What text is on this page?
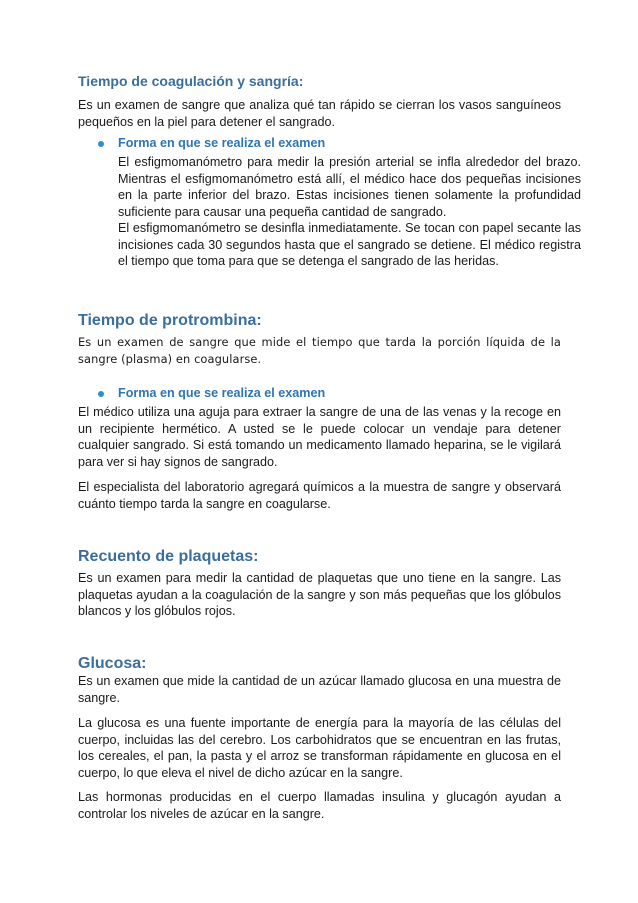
Tiempo de coagulación y sangría:

Es un examen de sangre que analiza qué tan rápido se cierran los vasos sanguíneos pequeños en la piel para detener el sangrado.

Forma en que se realiza el examen

El esfigmomanómetro para medir la presión arterial se infla alrededor del brazo. Mientras el esfigmomanómetro está allí, el médico hace dos pequeñas incisiones en la parte inferior del brazo. Estas incisiones tienen solamente la profundidad suficiente para causar una pequeña cantidad de sangrado.

El esfigmomanómetro se desinfla inmediatamente. Se tocan con papel secante las incisiones cada 30 segundos hasta que el sangrado se detiene. El médico registra el tiempo que toma para que se detenga el sangrado de las heridas.

Tiempo de protrombina:

Es un examen de sangre que mide el tiempo que tarda la porción líquida de la sangre (plasma) en coagularse.

Forma en que se realiza el examen

El médico utiliza una aguja para extraer la sangre de una de las venas y la recoge en un recipiente hermético. A usted se le puede colocar un vendaje para detener cualquier sangrado. Si está tomando un medicamento llamado heparina, se le vigilará para ver si hay signos de sangrado.

El especialista del laboratorio agregará químicos a la muestra de sangre y observará cuánto tiempo tarda la sangre en coagularse.

Recuento de plaquetas:

Es un examen para medir la cantidad de plaquetas que uno tiene en la sangre. Las plaquetas ayudan a la coagulación de la sangre y son más pequeñas que los glóbulos blancos y los glóbulos rojos.

Glucosa:

Es un examen que mide la cantidad de un azúcar llamado glucosa en una muestra de sangre.

La glucosa es una fuente importante de energía para la mayoría de las células del cuerpo, incluidas las del cerebro. Los carbohidratos que se encuentran en las frutas, los cereales, el pan, la pasta y el arroz se transforman rápidamente en glucosa en el cuerpo, lo que eleva el nivel de dicho azúcar en la sangre.

Las hormonas producidas en el cuerpo llamadas insulina y glucagón ayudan a controlar los niveles de azúcar en la sangre.
